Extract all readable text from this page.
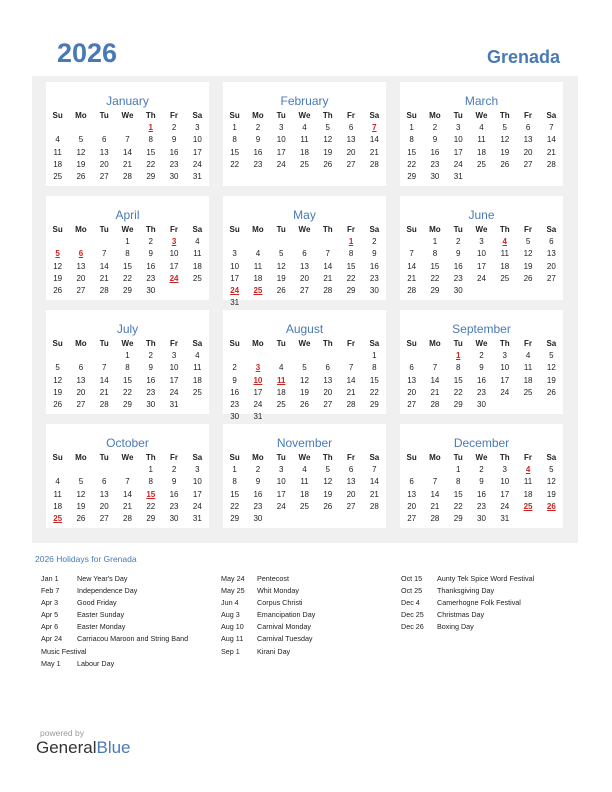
2026	Grenada
2026 Holidays for Grenada
Jan 1	New Year's Day
Feb 7 Independence Day
Apr 3	Good Friday
Apr 5	Easter Sunday
Apr 6	Easter Monday
Apr 24 Carriacou Maroon and String Band
Music Festival
May 1 Labour Day
May 24 Pentecost
May 25 Whit Monday
Jun 4	Corpus Christi
Aug 3 Emancipation Day
Aug 10 Carnival Monday
Aug 11 Carnival Tuesday
Sep 1 Kirani Day
Oct 15 Aunty Tek Spice Word Festival
Oct 25 Thanksgiving Day
Dec 4 Camerhogne Folk Festival
Dec 25 Christmas Day
Dec 26 Boxing Day
powered by
GeneralBlue
January
Su	Mo	Tu	We	Th	Fr	Sa
				1	2	3
4	5	6	7	8	9	10
11	12	13	14	15	16	17
18	19	20	21	22	23	24
25	26	27	28	29	30	31

February
Su	Mo	Tu	We	Th	Fr	Sa
1	2	3	4	5	6	7
8	9	10	11	12	13	14
15	16	17	18	19	20	21
22	23	24	25	26	27	28

March
Su	Mo	Tu	We	Th	Fr	Sa
1	2	3	4	5	6	7
8	9	10	11	12	13	14
15	16	17	18	19	20	21
22	23	24	25	26	27	28
29	30	31				

April
Su	Mo	Tu	We	Th	Fr	Sa
			1	2	3	4
5	6	7	8	9	10	11
12	13	14	15	16	17	18
19	20	21	22	23	24	25
26	27	28	29	30		

May
Su	Mo	Tu	We	Th	Fr	Sa
					1	2
3	4	5	6	7	8	9
10	11	12	13	14	15	16
17	18	19	20	21	22	23
24	25	26	27	28	29	30
31						
June
Su	Mo	Tu	We	Th	Fr	Sa
	1	2	3	4	5	6
7	8	9	10	11	12	13
14	15	16	17	18	19	20
21	22	23	24	25	26	27
28	29	30				

July
Su	Mo	Tu	We	Th	Fr	Sa
			1	2	3	4
5	6	7	8	9	10	11
12	13	14	15	16	17	18
19	20	21	22	23	24	25
26	27	28	29	30	31	

August
Su	Mo	Tu	We	Th	Fr	Sa
						1
2	3	4	5	6	7	8
9	10	11	12	13	14	15
16	17	18	19	20	21	22
23	24	25	26	27	28	29
30	31					
September
Su	Mo	Tu	We	Th	Fr	Sa
		1	2	3	4	5
6	7	8	9	10	11	12
13	14	15	16	17	18	19
20	21	22	23	24	25	26
27	28	29	30			

October
Su	Mo	Tu	We	Th	Fr	Sa
				1	2	3
4	5	6	7	8	9	10
11	12	13	14	15	16	17
18	19	20	21	22	23	24
25	26	27	28	29	30	31

November
Su	Mo	Tu	We	Th	Fr	Sa
1	2	3	4	5	6	7
8	9	10	11	12	13	14
15	16	17	18	19	20	21
22	23	24	25	26	27	28
29	30					

December
Su	Mo	Tu	We	Th	Fr	Sa
		1	2	3	4	5
6	7	8	9	10	11	12
13	14	15	16	17	18	19
20	21	22	23	24	25	26
27	28	29	30	31		
